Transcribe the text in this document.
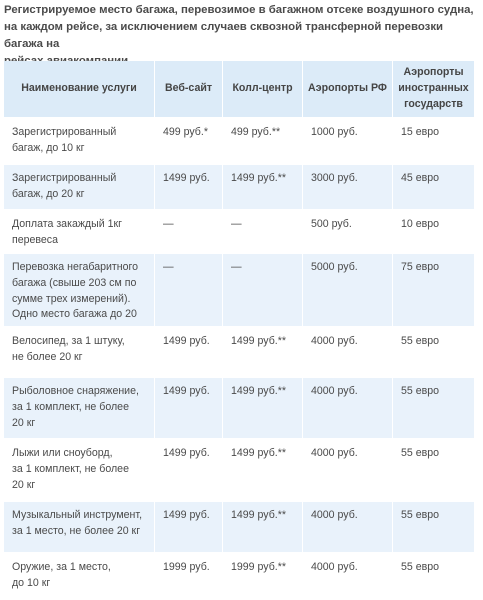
Регистрируемое место багажа, перевозимое в багажном отсеке воздушного судна,
на каждом рейсе, за исключением случаев сквозной трансферной перевозки багажа на
Наименование услуги	Веб-сайт	Колл-центр	Аэропорты РФ	Аэропорты
иностранных
государств

Зарегистрированный
багаж, до 10 кг	499 руб.*	499 руб.**	1000 руб.	15 евро

Зарегистрированный
багаж, до 20 кг	1499 руб.	1499 руб.**	3000 руб.	45 евро

Доплата закаждый 1кг
перевеса	—	—	500 руб.	10 евро

Перевозка негабаритного
багажа (свыше 203 см по
сумме трех измерений).
Одно место багажа до 20	—	—	5000 руб.	75 евро

Велосипед, за 1 штуку,
не более 20 кг	1499 руб.	1499 руб.**	4000 руб.	55 евро

Рыболовное снаряжение,
за 1 комплект, не более
20 кг	1499 руб.	1499 руб.**	4000 руб.	55 евро

Лыжи или сноуборд,
за 1 комплект, не более
20 кг	1499 руб.	1499 руб.**	4000 руб.	55 евро

Музыкальный инструмент,
за 1 место, не более 20 кг	1499 руб.	1499 руб.**	4000 руб.	55 евро

Оружие, за 1 место,
до 10 кг	1999 руб.	1999 руб.**	4000 руб.	55 евро
